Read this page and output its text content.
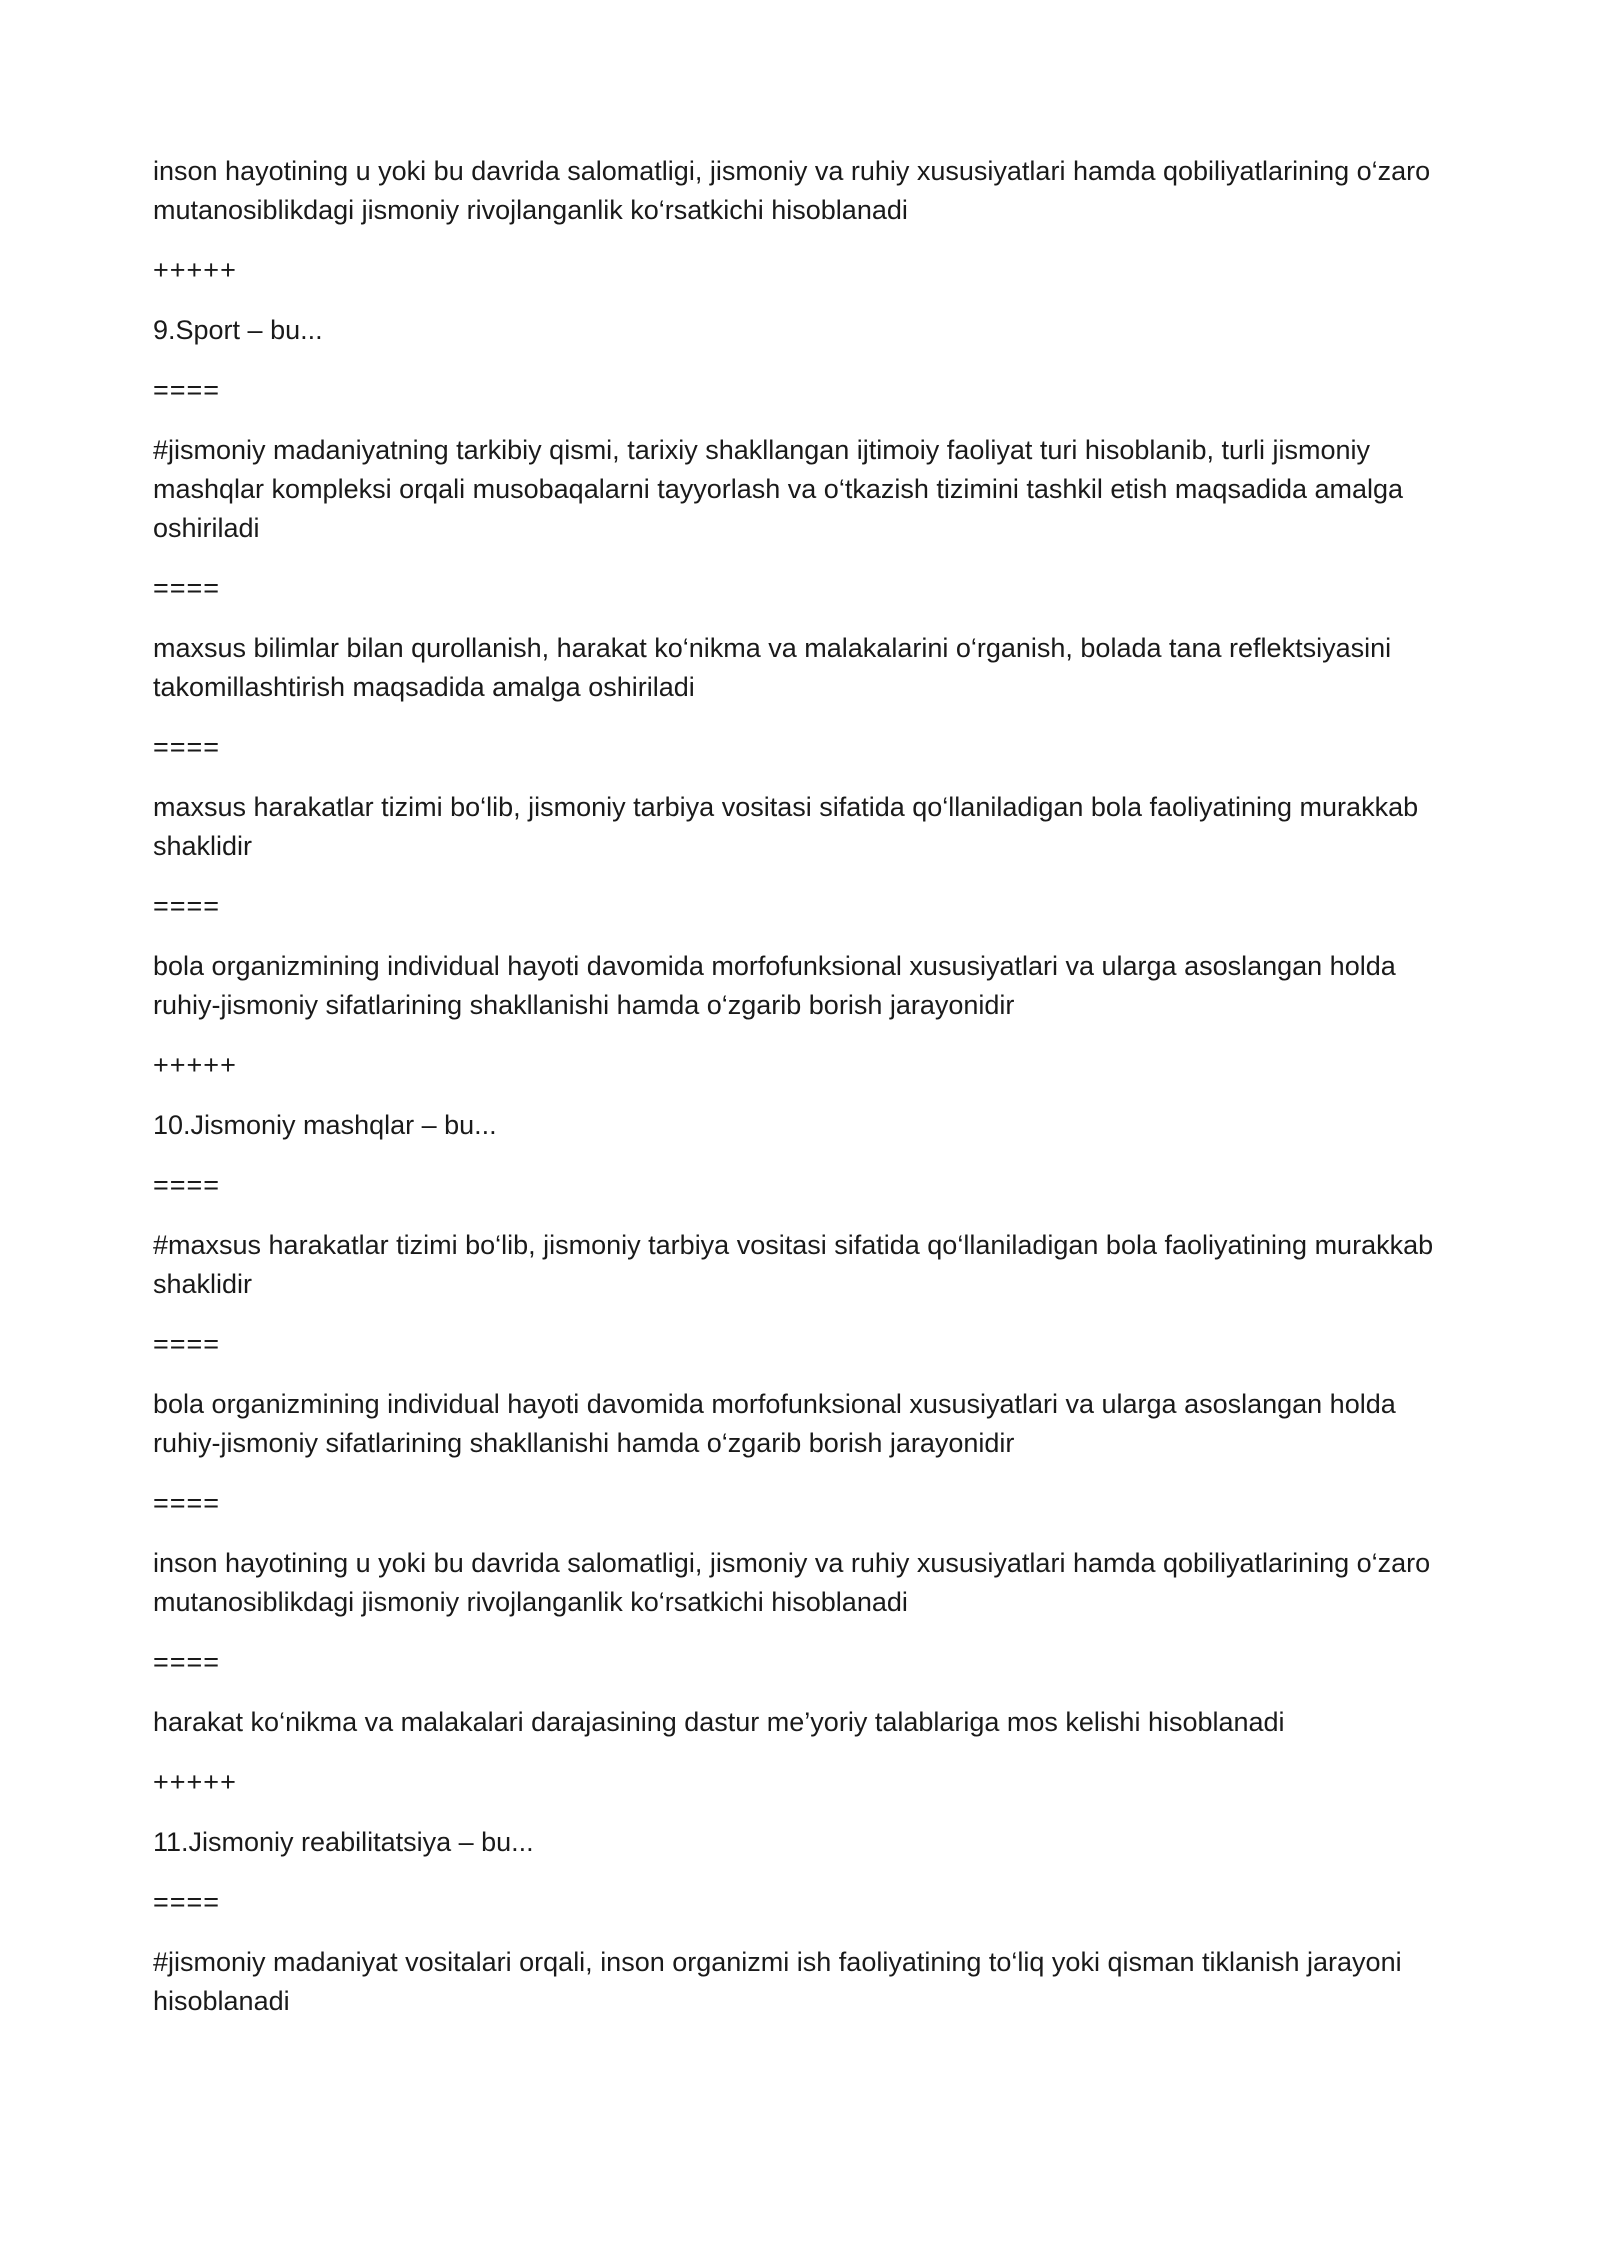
inson hayotining u yoki bu davrida salomatligi, jismoniy va ruhiy xususiyatlari hamda qobiliyatlarining o‘zaro mutanosiblikdagi jismoniy rivojlanganlik ko‘rsatkichi hisoblanadi

+++++

9.Sport – bu...

====

#jismoniy madaniyatning tarkibiy qismi, tarixiy shakllangan ijtimoiy faoliyat turi hisoblanib, turli jismoniy mashqlar kompleksi orqali musobaqalarni tayyorlash va o‘tkazish tizimini tashkil etish maqsadida amalga oshiriladi

====

maxsus bilimlar bilan qurollanish, harakat ko‘nikma va malakalarini o‘rganish, bolada tana reflektsiyasini takomillashtirish maqsadida amalga oshiriladi

====

maxsus harakatlar tizimi bo‘lib, jismoniy tarbiya vositasi sifatida qo‘llaniladigan bola faoliyatining murakkab shaklidir

====

bola organizmining individual hayoti davomida morfofunksional xususiyatlari va ularga asoslangan holda ruhiy-jismoniy sifatlarining shakllanishi hamda o‘zgarib borish jarayonidir

+++++

10.Jismoniy mashqlar – bu...

====

#maxsus harakatlar tizimi bo‘lib, jismoniy tarbiya vositasi sifatida qo‘llaniladigan bola faoliyatining murakkab shaklidir

====

bola organizmining individual hayoti davomida morfofunksional xususiyatlari va ularga asoslangan holda ruhiy-jismoniy sifatlarining shakllanishi hamda o‘zgarib borish jarayonidir

====

inson hayotining u yoki bu davrida salomatligi, jismoniy va ruhiy xususiyatlari hamda qobiliyatlarining o‘zaro mutanosiblikdagi jismoniy rivojlanganlik ko‘rsatkichi hisoblanadi

====

harakat ko‘nikma va malakalari darajasining dastur me’yoriy talablariga mos kelishi hisoblanadi

+++++

11.Jismoniy reabilitatsiya – bu...

====

#jismoniy madaniyat vositalari orqali, inson organizmi ish faoliyatining to‘liq yoki qisman tiklanish jarayoni hisoblanadi
